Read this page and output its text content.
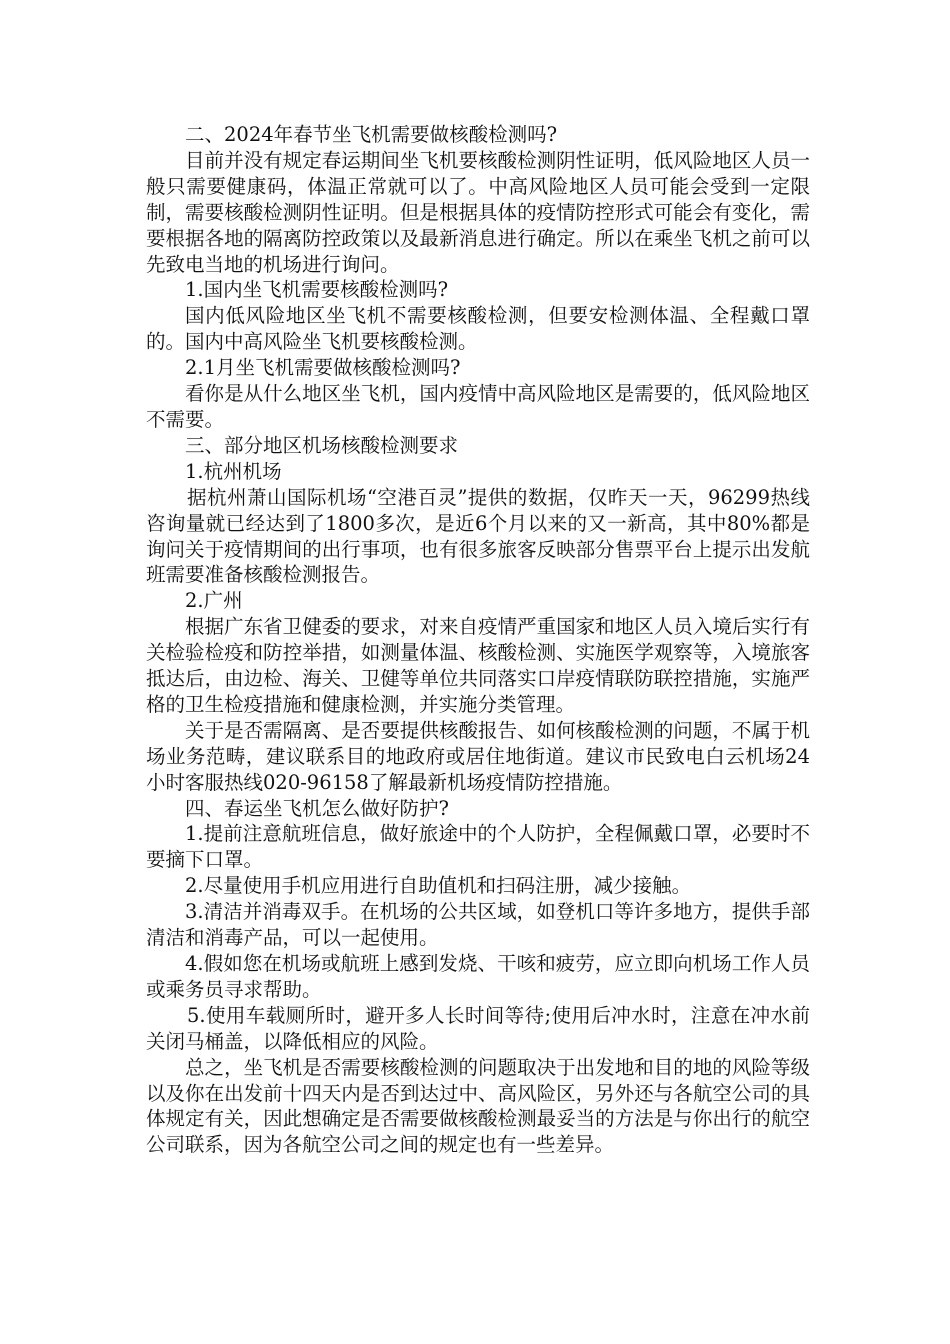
二、2024年春节坐飞机需要做核酸检测吗?

目前并没有规定春运期间坐飞机要核酸检测阴性证明，低风险地区人员一般只需要健康码，体温正常就可以了。中高风险地区人员可能会受到一定限制，需要核酸检测阴性证明。但是根据具体的疫情防控形式可能会有变化，需要根据各地的隔离防控政策以及最新消息进行确定。所以在乘坐飞机之前可以先致电当地的机场进行询问。

1.国内坐飞机需要核酸检测吗?

国内低风险地区坐飞机不需要核酸检测，但要安检测体温、全程戴口罩的。国内中高风险坐飞机要核酸检测。

2.1月坐飞机需要做核酸检测吗?

看你是从什么地区坐飞机，国内疫情中高风险地区是需要的，低风险地区不需要。

三、部分地区机场核酸检测要求

1.杭州机场

据杭州萧山国际机场“空港百灵”提供的数据，仅昨天一天，96299热线咨询量就已经达到了1800多次，是近6个月以来的又一新高，其中80%都是询问关于疫情期间的出行事项，也有很多旅客反映部分售票平台上提示出发航班需要准备核酸检测报告。

2.广州

根据广东省卫健委的要求，对来自疫情严重国家和地区人员入境后实行有关检验检疫和防控举措，如测量体温、核酸检测、实施医学观察等，入境旅客抵达后，由边检、海关、卫健等单位共同落实口岸疫情联防联控措施，实施严格的卫生检疫措施和健康检测，并实施分类管理。

关于是否需隔离、是否要提供核酸报告、如何核酸检测的问题，不属于机场业务范畴，建议联系目的地政府或居住地街道。建议市民致电白云机场24小时客服热线020-96158了解最新机场疫情防控措施。

四、春运坐飞机怎么做好防护?

1.提前注意航班信息，做好旅途中的个人防护，全程佩戴口罩，必要时不要摘下口罩。

2.尽量使用手机应用进行自助值机和扫码注册，减少接触。

3.清洁并消毒双手。在机场的公共区域，如登机口等许多地方，提供手部清洁和消毒产品，可以一起使用。

4.假如您在机场或航班上感到发烧、干咳和疲劳，应立即向机场工作人员或乘务员寻求帮助。

5.使用车载厕所时，避开多人长时间等待;使用后冲水时，注意在冲水前关闭马桶盖，以降低相应的风险。

总之，坐飞机是否需要核酸检测的问题取决于出发地和目的地的风险等级以及你在出发前十四天内是否到达过中、高风险区，另外还与各航空公司的具体规定有关，因此想确定是否需要做核酸检测最妥当的方法是与你出行的航空公司联系，因为各航空公司之间的规定也有一些差异。
